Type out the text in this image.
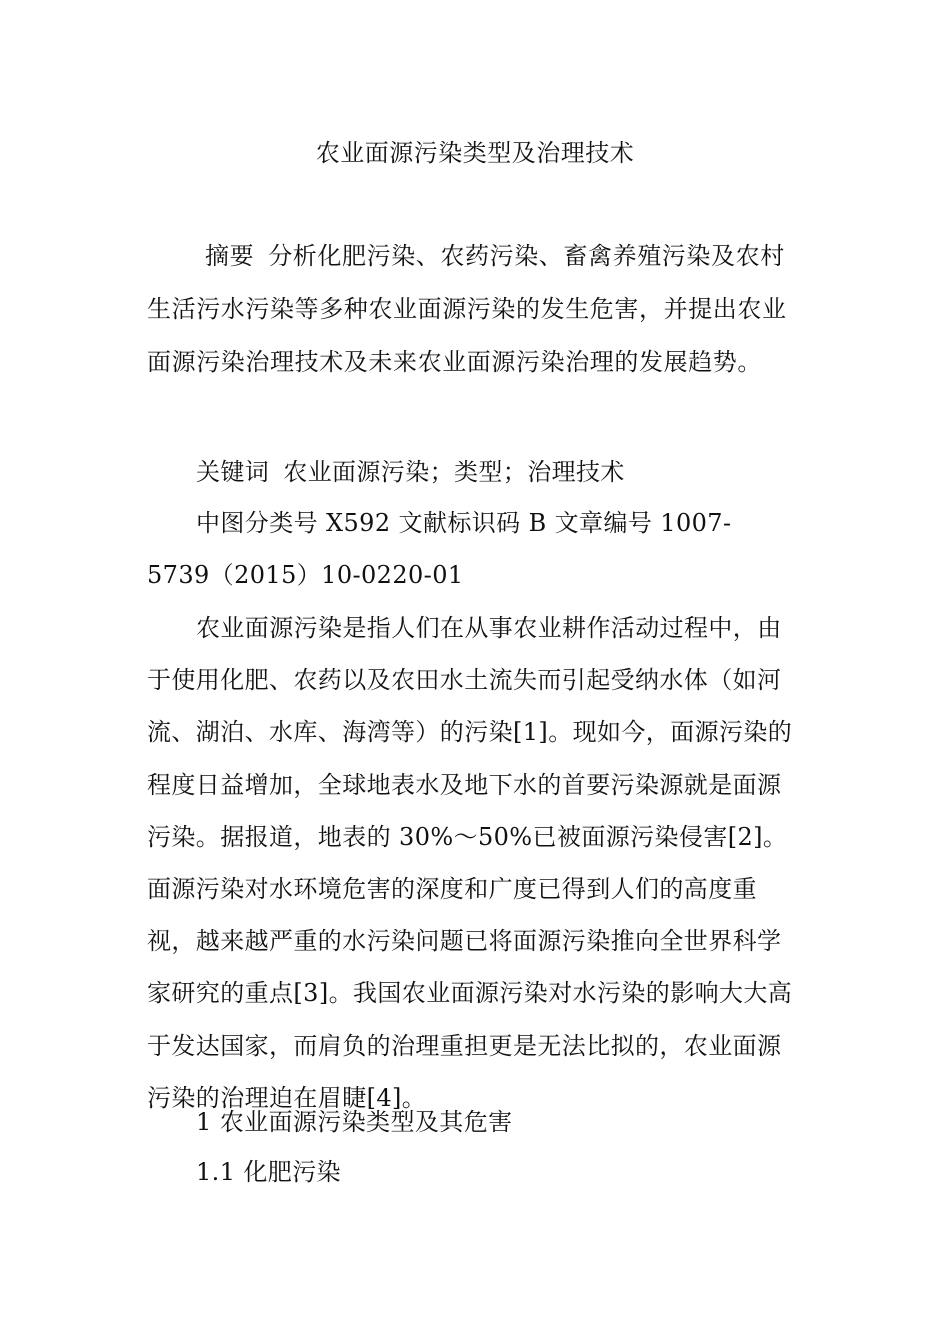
农业面源污染类型及治理技术
摘要 分析化肥污染、农药污染、畜禽养殖污染及农村生活污水污染等多种农业面源污染的发生危害，并提出农业面源污染治理技术及未来农业面源污染治理的发展趋势。
关键词 农业面源污染；类型；治理技术
中图分类号 X592 文献标识码 B 文章编号 1007-
5739（2015）10-0220-01
农业面源污染是指人们在从事农业耕作活动过程中，由于使用化肥、农药以及农田水土流失而引起受纳水体（如河流、湖泊、水库、海湾等）的污染[1]。现如今，面源污染的程度日益增加，全球地表水及地下水的首要污染源就是面源污染。据报道，地表的 30%～50%已被面源污染侵害[2]。面源污染对水环境危害的深度和广度已得到人们的高度重视，越来越严重的水污染问题已将面源污染推向全世界科学家研究的重点[3]。我国农业面源污染对水污染的影响大大高于发达国家，而肩负的治理重担更是无法比拟的，农业面源污染的治理迫在眉睫[4]。
1 农业面源污染类型及其危害
1.1 化肥污染
